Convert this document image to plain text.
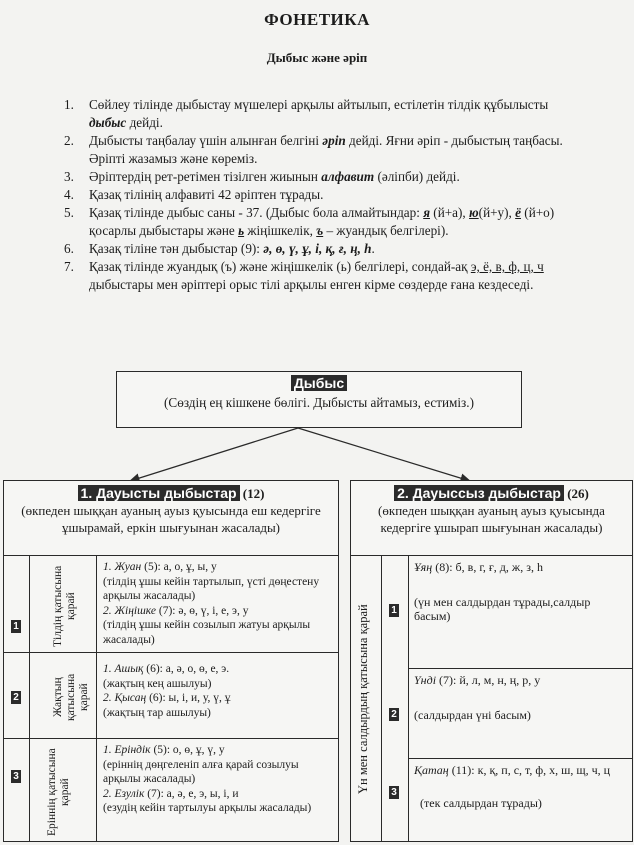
ФОНЕТИКА
Дыбыс және әріп
1. Сөйлеу тілінде дыбыстау мүшелері арқылы айтылып, естілетін тілдік құбылысты дыбыс дейді.
2. Дыбысты таңбалау үшін алынған белгіні әріп дейді. Яғни әріп - дыбыстың таңбасы. Әріпті жазамыз және көреміз.
3. Әріптердің рет-ретімен тізілген жиынын алфавит (әліпби) дейді.
4. Қазақ тілінің алфавиті 42 әріптен тұрады.
5. Қазақ тілінде дыбыс саны - 37. (Дыбыс бола алмайтындар: я (й+а), ю(й+у), ё (й+о) қосарлы дыбыстары және ь жіңішкелік, ъ – жуандық белгілері).
6. Қазақ тіліне тән дыбыстар (9): ә, ө, ү, ұ, і, қ, ғ, ң, һ.
7. Қазақ тілінде жуандық (ъ) және жіңішкелік (ь) белгілері, сондай-ақ э, ё, в, ф, ц, ч дыбыстары мен әріптері орыс тілі арқылы енген кірме сөздерде ғана кездеседі.
Дыбыс
(Сөздің ең кішкене бөлігі. Дыбысты айтамыз, естиміз.)
1. Дауысты дыбыстар (12)
(өкпеден шыққан ауаның ауыз қуысында еш кедергіге ұшырамай, еркін шығуынан жасалады)
1	Тілдің қатысына қарай
1. Жуан (5): а, о, ұ, ы, у
(тілдің ұшы кейін тартылып, үсті дөңестену арқылы жасалады)
2. Жіңішке (7): ә, ө, ү, і, е, э, у
(тілдің ұшы кейін созылып жатуы арқылы жасалады)
2	Жақтың қатысына қарай
1. Ашық (6): а, ә, о, ө, е, э.
(жақтың кең ашылуы)
2. Қысаң (6): ы, і, и, у, ү, ұ
(жақтың тар ашылуы)
3 Еріннің қатысына қарай
1. Еріндік (5): о, ө, ұ, ү, у
(еріннің дөңгеленіп алға қарай созылуы арқылы жасалады)
2. Езулік (7): а, ә, е, э, ы, і, и
(езудің кейін тартылуы арқылы жасалады)
2. Дауыссыз дыбыстар (26)
(өкпеден шыққан ауаның ауыз қуысында кедергіге ұшырап шығуынан жасалады)
Үн мен салдырдың қатысына қарай 1
Ұяң (8): б, в, г, ғ, д, ж, з, һ
(үн мен салдырдан тұрады,салдыр басым)
2
Үнді (7): й, л, м, н, ң, р, у
(салдырдан үні басым)
3
Қатаң (11): к, қ, п, с, т, ф, х, ш, щ, ч, ц
(тек салдырдан тұрады)
